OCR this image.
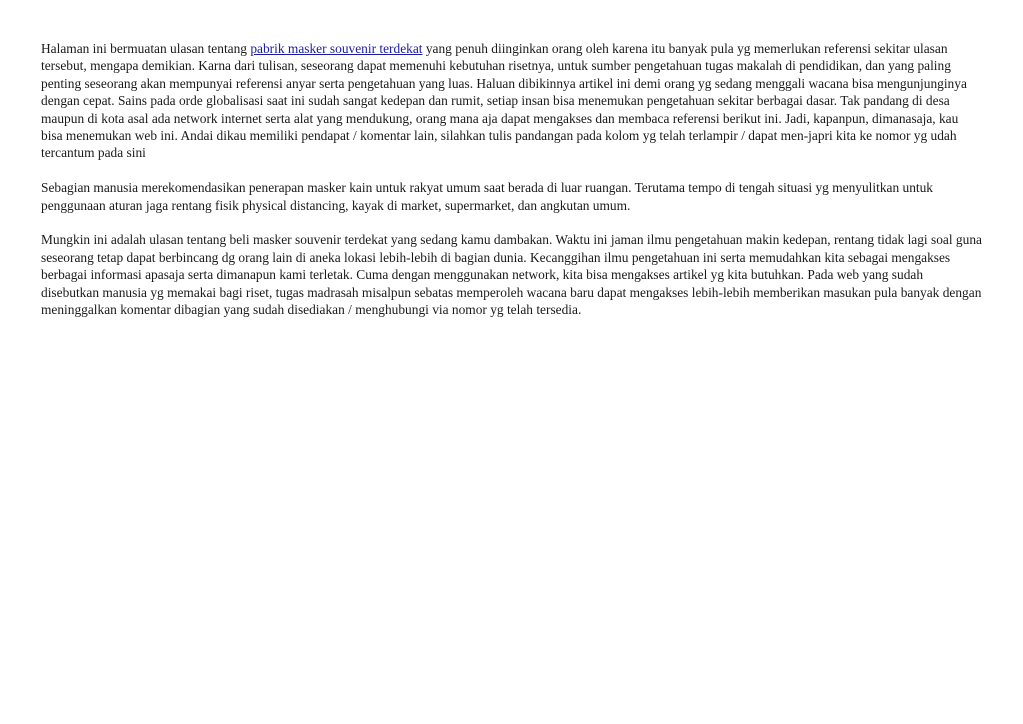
Halaman ini bermuatan ulasan tentang pabrik masker souvenir terdekat yang penuh diinginkan orang oleh karena itu banyak pula yg memerlukan referensi sekitar ulasan tersebut, mengapa demikian. Karna dari tulisan, seseorang dapat memenuhi kebutuhan risetnya, untuk sumber pengetahuan tugas makalah di pendidikan, dan yang paling penting seseorang akan mempunyai referensi anyar serta pengetahuan yang luas. Haluan dibikinnya artikel ini demi orang yg sedang menggali wacana bisa mengunjunginya dengan cepat. Sains pada orde globalisasi saat ini sudah sangat kedepan dan rumit, setiap insan bisa menemukan pengetahuan sekitar berbagai dasar. Tak pandang di desa maupun di kota asal ada network internet serta alat yang mendukung, orang mana aja dapat mengakses dan membaca referensi berikut ini. Jadi, kapanpun, dimanasaja, kau bisa menemukan web ini. Andai dikau memiliki pendapat / komentar lain, silahkan tulis pandangan pada kolom yg telah terlampir / dapat men-japri kita ke nomor yg udah tercantum pada sini

Sebagian manusia merekomendasikan penerapan masker kain untuk rakyat umum saat berada di luar ruangan. Terutama tempo di tengah situasi yg menyulitkan untuk penggunaan aturan jaga rentang fisik physical distancing, kayak di market, supermarket, dan angkutan umum.

Mungkin ini adalah ulasan tentang beli masker souvenir terdekat yang sedang kamu dambakan. Waktu ini jaman ilmu pengetahuan makin kedepan, rentang tidak lagi soal guna seseorang tetap dapat berbincang dg orang lain di aneka lokasi lebih-lebih di bagian dunia. Kecanggihan ilmu pengetahuan ini serta memudahkan kita sebagai mengakses berbagai informasi apasaja serta dimanapun kami terletak. Cuma dengan menggunakan network, kita bisa mengakses artikel yg kita butuhkan. Pada web yang sudah disebutkan manusia yg memakai bagi riset, tugas madrasah misalpun sebatas memperoleh wacana baru dapat mengakses lebih-lebih memberikan masukan pula banyak dengan meninggalkan komentar dibagian yang sudah disediakan / menghubungi via nomor yg telah tersedia.
